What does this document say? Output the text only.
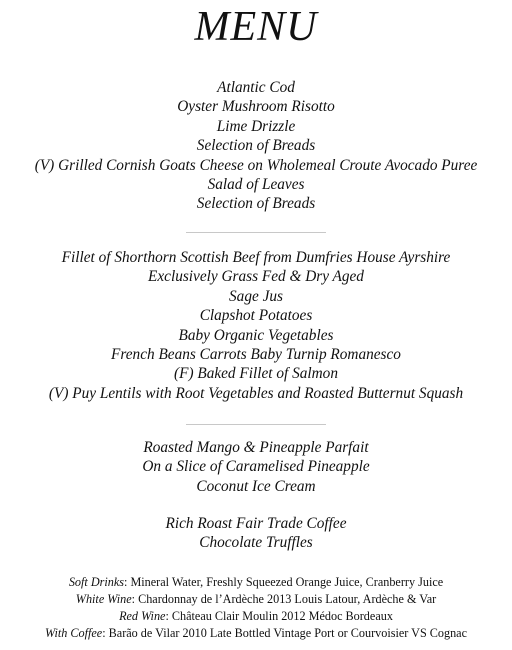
MENU
Atlantic Cod
Oyster Mushroom Risotto
Lime Drizzle
Selection of Breads
(V) Grilled Cornish Goats Cheese on Wholemeal Croute Avocado Puree
Salad of Leaves
Selection of Breads
Fillet of Shorthorn Scottish Beef from Dumfries House Ayrshire
Exclusively Grass Fed & Dry Aged
Sage Jus
Clapshot Potatoes
Baby Organic Vegetables
French Beans Carrots Baby Turnip Romanesco
(F) Baked Fillet of Salmon
(V) Puy Lentils with Root Vegetables and Roasted Butternut Squash
Roasted Mango & Pineapple Parfait
On a Slice of Caramelised Pineapple
Coconut Ice Cream
Rich Roast Fair Trade Coffee
Chocolate Truffles
Soft Drinks: Mineral Water, Freshly Squeezed Orange Juice, Cranberry Juice
White Wine: Chardonnay de l’Ardèche 2013 Louis Latour, Ardèche & Var
Red Wine: Château Clair Moulin 2012 Médoc Bordeaux
With Coffee: Barão de Vilar 2010 Late Bottled Vintage Port or Courvoisier VS Cognac
